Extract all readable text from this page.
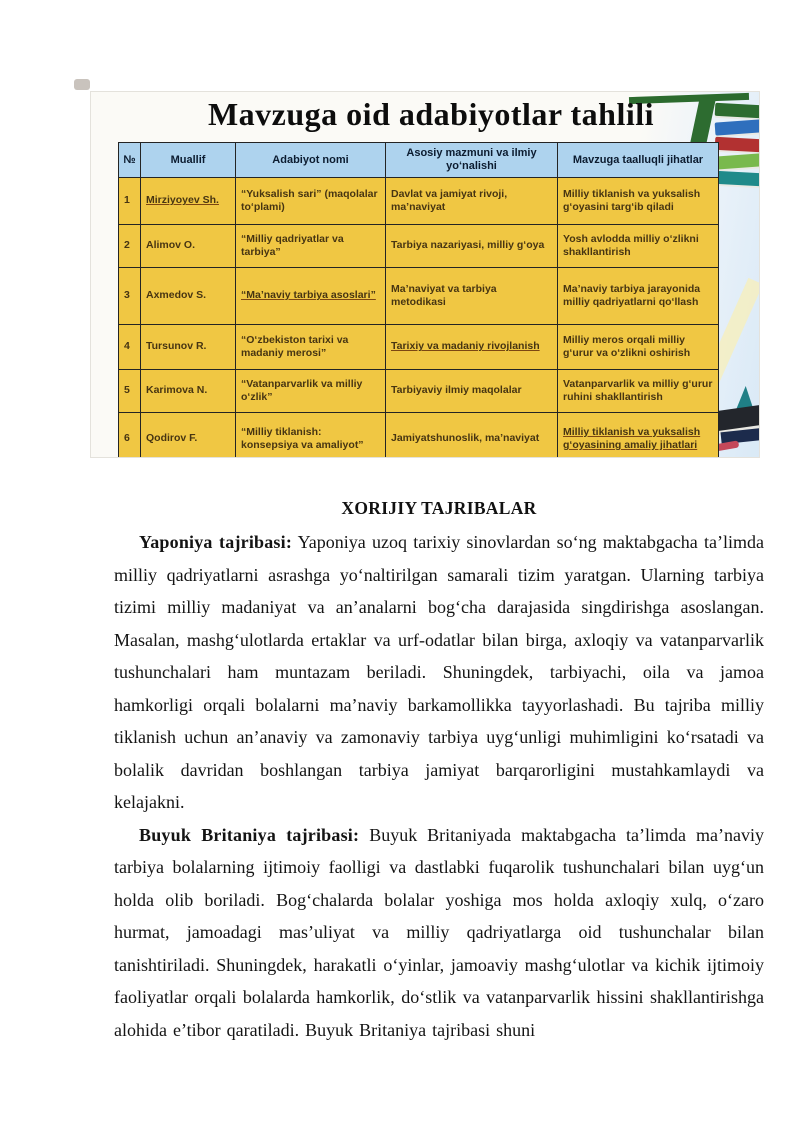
Mavzuga oid adabiyotlar tahlili
№	Muallif	Adabiyot nomi	Asosiy mazmuni va ilmiy yo‘nalishi	Mavzuga taalluqli jihatlar
1	Mirziyoyev Sh.	“Yuksalish sari” (maqolalar to‘plami)	Davlat va jamiyat rivoji, ma’naviyat	Milliy tiklanish va yuksalish g‘oyasini targ‘ib qiladi
2	Alimov O.	“Milliy qadriyatlar va tarbiya”	Tarbiya nazariyasi, milliy g‘oya	Yosh avlodda milliy o‘zlikni shakllantirish
3	Axmedov S.	“Ma’naviy tarbiya asoslari”	Ma’naviyat va tarbiya metodikasi	Ma’naviy tarbiya jarayonida milliy qadriyatlarni qo‘llash
4	Tursunov R.	“O‘zbekiston tarixi va madaniy merosi”	Tarixiy va madaniy rivojlanish	Milliy meros orqali milliy g‘urur va o‘zlikni oshirish
5	Karimova N.	“Vatanparvarlik va milliy o‘zlik”	Tarbiyaviy ilmiy maqolalar	Vatanparvarlik va milliy g‘urur ruhini shakllantirish
6	Qodirov F.	“Milliy tiklanish: konsepsiya va amaliyot”	Jamiyatshunoslik, ma’naviyat	Milliy tiklanish va yuksalish g‘oyasining amaliy jihatlari
XORIJIY TAJRIBALAR

Yaponiya tajribasi: Yaponiya uzoq tarixiy sinovlardan so‘ng maktabgacha ta’limda milliy qadriyatlarni asrashga yo‘naltirilgan samarali tizim yaratgan. Ularning tarbiya tizimi milliy madaniyat va an’analarni bog‘cha darajasida singdirishga asoslangan. Masalan, mashg‘ulotlarda ertaklar va urf-odatlar bilan birga, axloqiy va vatanparvarlik tushunchalari ham muntazam beriladi. Shuningdek, tarbiyachi, oila va jamoa hamkorligi orqali bolalarni ma’naviy barkamollikka tayyorlashadi. Bu tajriba milliy tiklanish uchun an’anaviy va zamonaviy tarbiya uyg‘unligi muhimligini ko‘rsatadi va bolalik davridan boshlangan tarbiya jamiyat barqarorligini mustahkamlaydi va kelajakni.

Buyuk Britaniya tajribasi: Buyuk Britaniyada maktabgacha ta’limda ma’naviy tarbiya bolalarning ijtimoiy faolligi va dastlabki fuqarolik tushunchalari bilan uyg‘un holda olib boriladi. Bog‘chalarda bolalar yoshiga mos holda axloqiy xulq, o‘zaro hurmat, jamoadagi mas’uliyat va milliy qadriyatlarga oid tushunchalar bilan tanishtiriladi. Shuningdek, harakatli o‘yinlar, jamoaviy mashg‘ulotlar va kichik ijtimoiy faoliyatlar orqali bolalarda hamkorlik, do‘stlik va vatanparvarlik hissini shakllantirishga alohida e’tibor qaratiladi. Buyuk Britaniya tajribasi shuni
